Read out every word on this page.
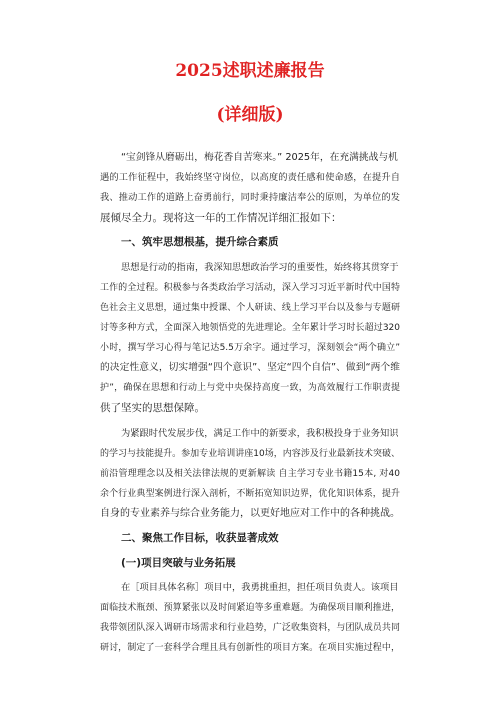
2025述职述廉报告
(详细版)
“宝剑锋从磨砺出，梅花香自苦寒来。” 2025年，在充满挑战与机
遇的工作征程中，我始终坚守岗位，以高度的责任感和使命感，在提升自
我、推动工作的道路上奋勇前行，同时秉持廉洁奉公的原则，为单位的发
展倾尽全力。现将这一年的工作情况详细汇报如下：
一、筑牢思想根基，提升综合素质
思想是行动的指南，我深知思想政治学习的重要性，始终将其贯穿于
工作的全过程。积极参与各类政治学习活动，深入学习习近平新时代中国特
色社会主义思想，通过集中授课、个人研读、线上学习平台以及参与专题研
讨等多种方式，全面深入地领悟党的先进理论。全年累计学习时长超过320
小时，撰写学习心得与笔记达5.5万余字。通过学习，深刻领会“两个确立”
的决定性意义，切实增强“四个意识”、坚定“四个自信”、做到“两个维
护”，确保在思想和行动上与党中央保持高度一致，为高效履行工作职责提
供了坚实的思想保障。
为紧跟时代发展步伐，满足工作中的新要求，我积极投身于业务知识
的学习与技能提升。参加专业培训讲座10场，内容涉及行业最新技术突破、
前沿管理理念以及相关法律法规的更新解读 自主学习专业书籍15本, 对40
余个行业典型案例进行深入剖析，不断拓宽知识边界，优化知识体系，提升
自身的专业素养与综合业务能力，以更好地应对工作中的各种挑战。
二、聚焦工作目标，收获显著成效
(一)项目突破与业务拓展
在［项目具体名称］项目中，我勇挑重担，担任项目负责人。该项目
面临技术瓶颈、预算紧张以及时间紧迫等多重难题。为确保项目顺利推进，
我带领团队深入调研市场需求和行业趋势，广泛收集资料，与团队成员共同
研讨，制定了一套科学合理且具有创新性的项目方案。在项目实施过程中，
